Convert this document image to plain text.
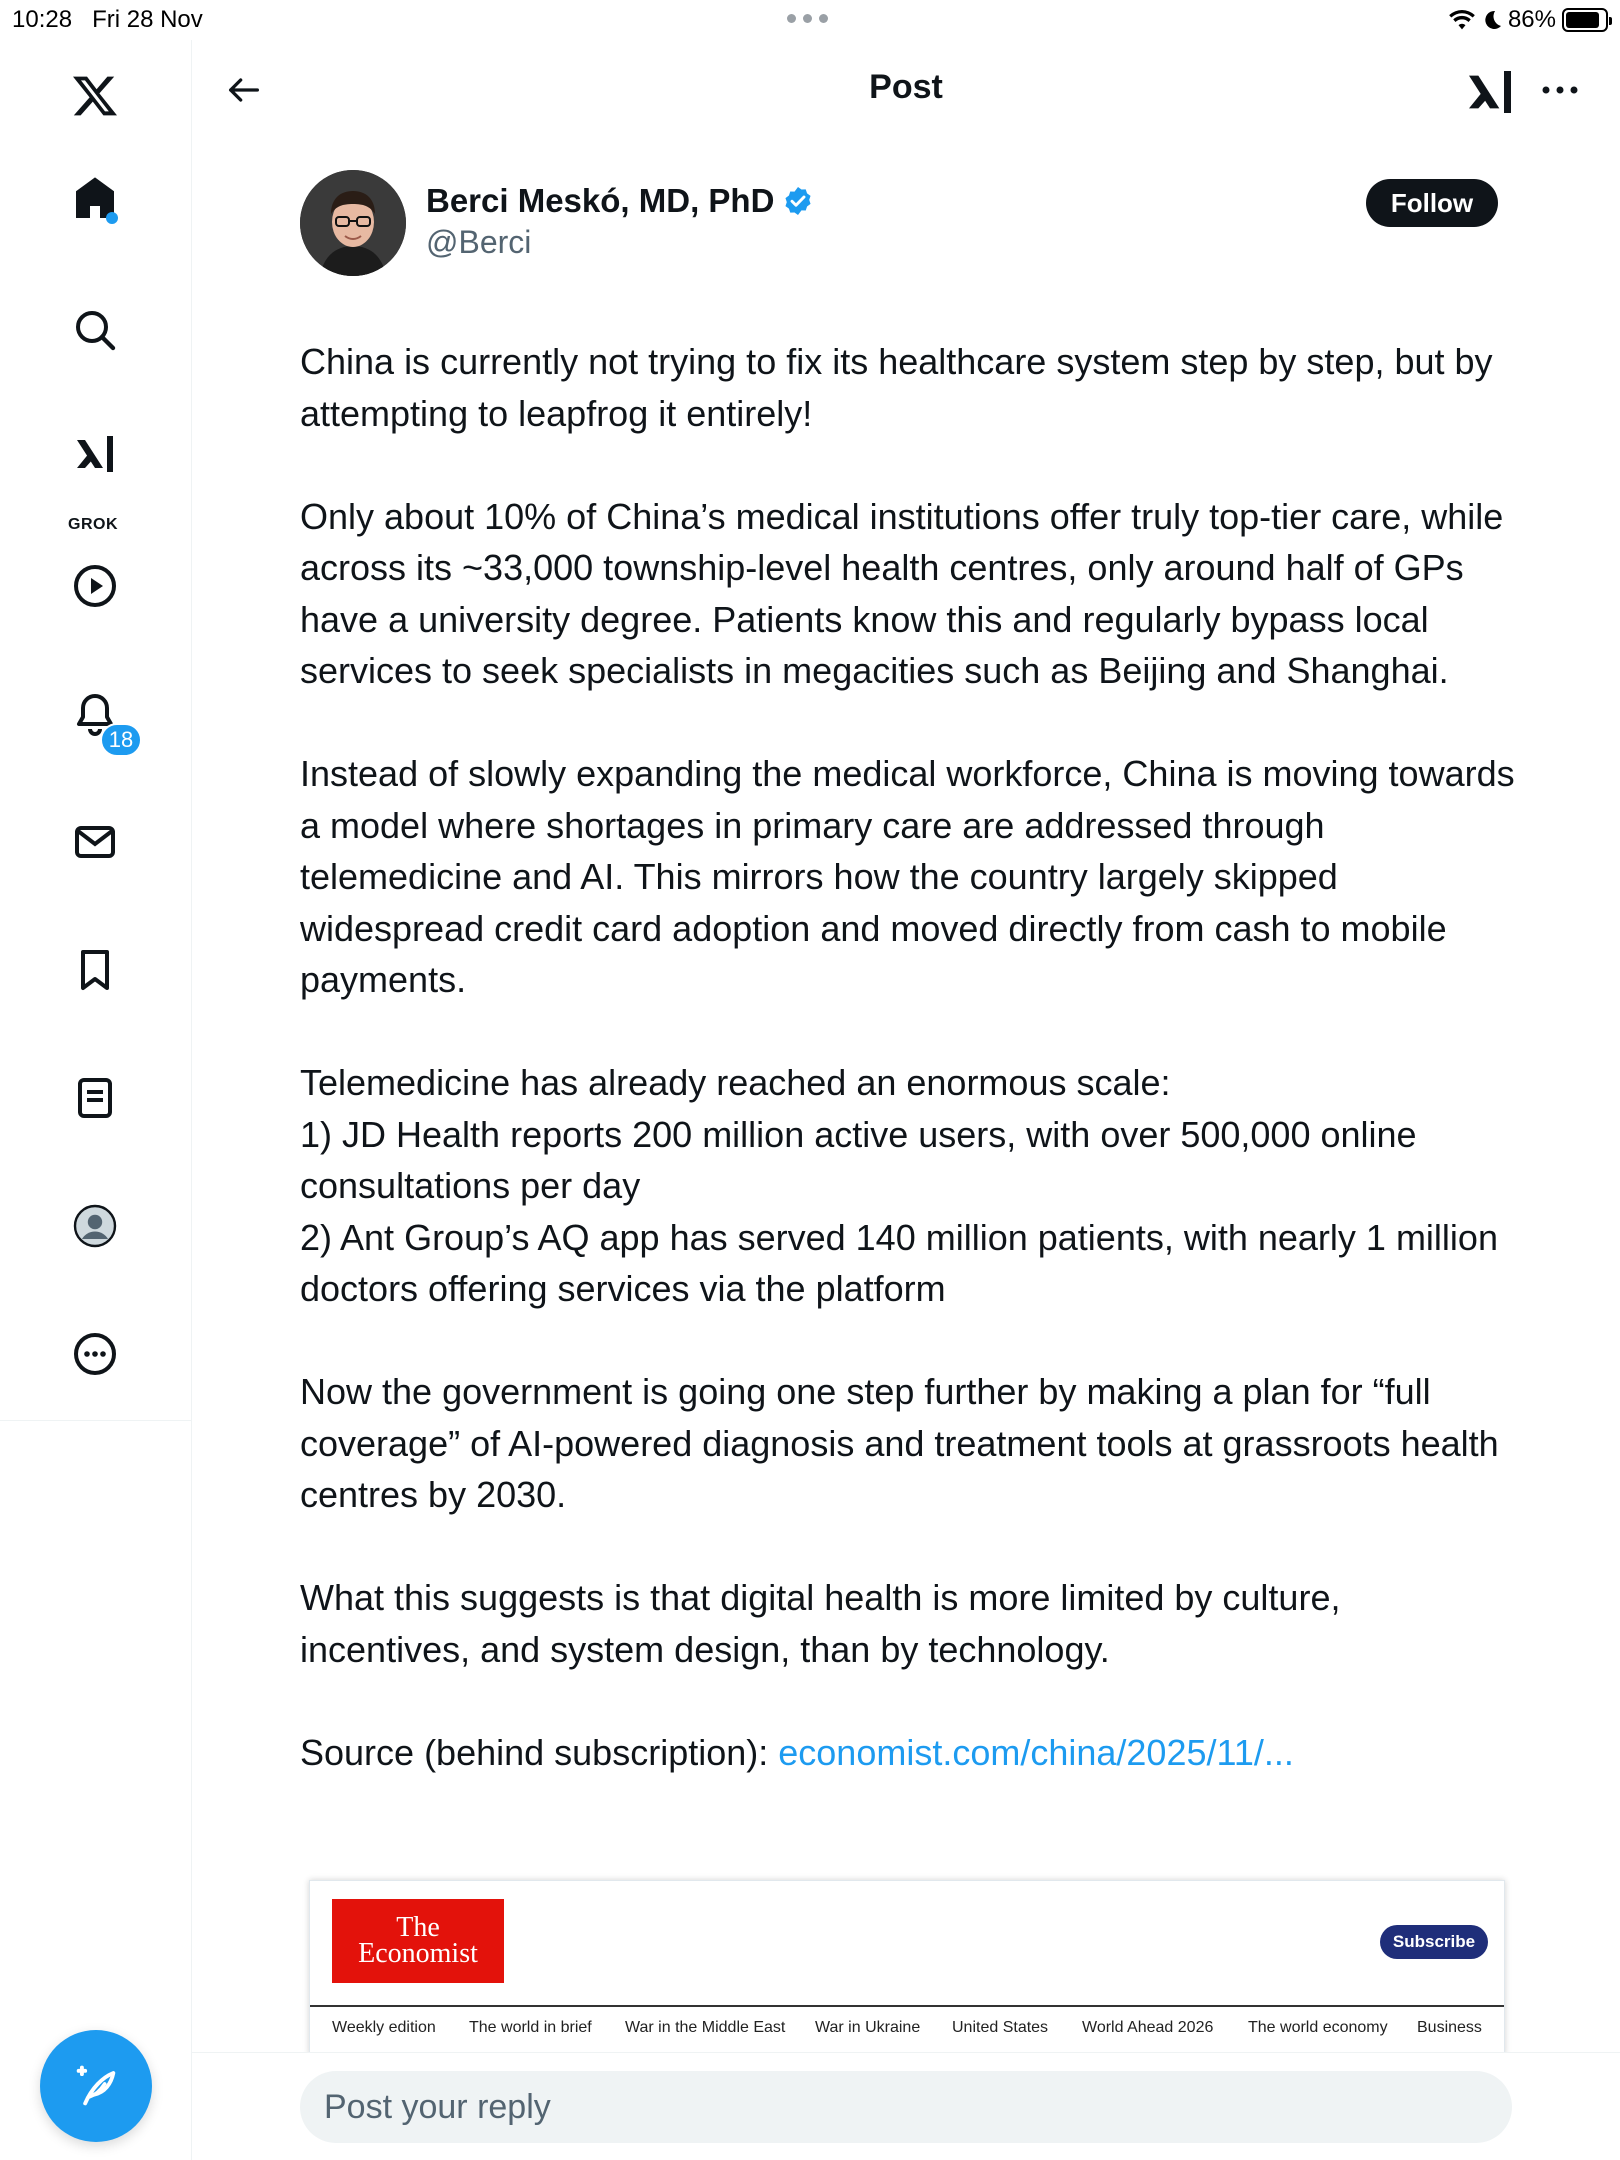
10:28 Fri 28 Nov	86%
GROK
18
Post
Berci Meskó, MD, PhD
@Berci
Follow

China is currently not trying to fix its healthcare system step by step, but by attempting to leapfrog it entirely!

Only about 10% of China’s medical institutions offer truly top-tier care, while across its ~33,000 township-level health centres, only around half of GPs have a university degree. Patients know this and regularly bypass local services to seek specialists in megacities such as Beijing and Shanghai.

Instead of slowly expanding the medical workforce, China is moving towards a model where shortages in primary care are addressed through telemedicine and AI. This mirrors how the country largely skipped widespread credit card adoption and moved directly from cash to mobile payments.

Telemedicine has already reached an enormous scale:
1) JD Health reports 200 million active users, with over 500,000 online consultations per day
2) Ant Group’s AQ app has served 140 million patients, with nearly 1 million doctors offering services via the platform

Now the government is going one step further by making a plan for “full coverage” of AI-powered diagnosis and treatment tools at grassroots health centres by 2030.

What this suggests is that digital health is more limited by culture, incentives, and system design, than by technology.

Source (behind subscription): economist.com/china/2025/11/...

The
Economist	Subscribe
Weekly edition The world in brief War in the Middle East War in Ukraine United States World Ahead 2026 The world economy Business
Post your reply
